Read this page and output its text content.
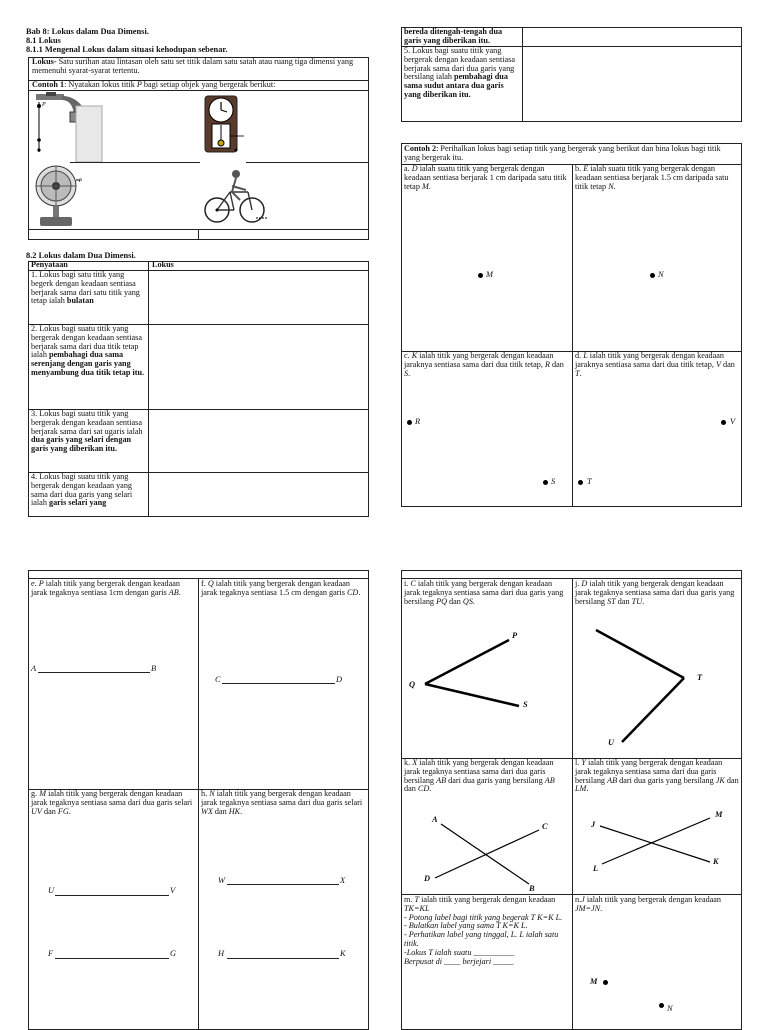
Bab 8: Lokus dalam Dua Dimensi.
8.1 Lokus
8.1.1 Mengenal Lokus dalam situasi kehodupan sebenar.
Lokus- Satu surihan atau lintasan oleh satu set titik dalam satu satah atau ruang tiga dimensi yang memenuhi syarat-syarat tertentu.
Contoh 1: Nyatakan lokus titik P bagi setiap objek yang bergerak berikut:
P
P
8.2 Lokus dalam Dua Dimensi.
Penyataan	Lokus
1. Lokus bagi satu titik yang begerk dengan keadaan sentiasa berjarak sama dari satu titik yang tetap ialah bulatan
2. Lokus bagi suatu titik yang bergerak dengan keadaan sentiasa berjarak sama dari dua titik tetap ialah pembahagi dua sama serenjang dengan garis yang menyambung dua titik tetap itu.
3. Lokus bagi suatu titik yang bergerak dengan keadaan sentiasa berjarak sama dari sat ugaris ialah dua garis yang selari dengan garis yang diberikan itu.
4. Lokus bagi suatu titik yang bergerak dengan keadaan yang sama dari dua garis yang selari ialah garis selari yang
bereda ditengah-tengah dua garis yang diberikan itu.
5. Lokus bagi suatu titik yang bergerak dengan keadaan sentiasa berjarak sama dari dua garis yang bersilang ialah pembahagi dua sama sudut antara dua garis yang diberikan itu.
Contoh 2: Perihalkan lokus bagi setiap titik yang bergerak yang berikut dan bina lokus bagi titik yang bergerak itu.
a. D ialah suatu titik yang bergerak dengan keadaan sentiasa berjarak 1 cm daripada satu titik tetap M.
b. E ialah suatu titik yang bergerak dengan keadaan sentiasa berjarak 1.5 cm daripada satu titik tetap N.
M	N
c. K ialah titik yang bergerak dengan keadaan jaraknya sentiasa sama dari dua titik tetap, R dan S.
d. L ialah titik yang bergerak dengan keadaan jaraknya sentiasa sama dari dua titik tetap, V dan T.
R
S
V
T
e. P ialah titik yang bergerak dengan keadaan jarak tegaknya sentiasa 1cm dengan garis AB.
f. Q ialah titik yang bergerak dengan keadaan jarak tegaknya sentiasa 1.5 cm dengan garis CD.
A	B
C	D
g. M ialah titik yang bergerak dengan keadaan jarak tegaknya sentiasa sama dari dua garis selari UV dan FG.
h. N ialah titik yang bergerak dengan keadaan jarak tegaknya sentiasa sama dari dua garis selari WX dan HK.
U	V
F	G
W	X
H	K
i. C ialah titik yang bergerak dengan keadaan jarak tegaknya sentiasa sama dari dua garis yang bersilang PQ dan QS.
j. D ialah titik yang bergerak dengan keadaan jarak tegaknya sentiasa sama dari dua garis yang bersilang ST dan TU.
P
Q
S
T
U
k. X ialah titik yang bergerak dengan keadaan jarak tegaknya sentiasa sama dari dua garis bersilang AB dari dua garis yang bersilang AB dan CD.
l. Y ialah titik yang bergerak dengan keadaan jarak tegaknya sentiasa sama dari dua garis bersilang AB dari dua garis yang bersilang JK dan LM.
A
B
C
D
J
K
L
M
m. T ialah titik yang bergerak dengan keadaan TK=KL
- Potong label bagi titik yang begerak T K=K L.
- Bulatkan label yang sama T K=K L.
- Perhatikan label yang tinggal, L. L ialah satu titik.
-Lokus T ialah suatu __________
Berpusat di ____ berjejari _____
n.J ialah titik yang bergerak dengan keadaan JM=JN.
M
N
